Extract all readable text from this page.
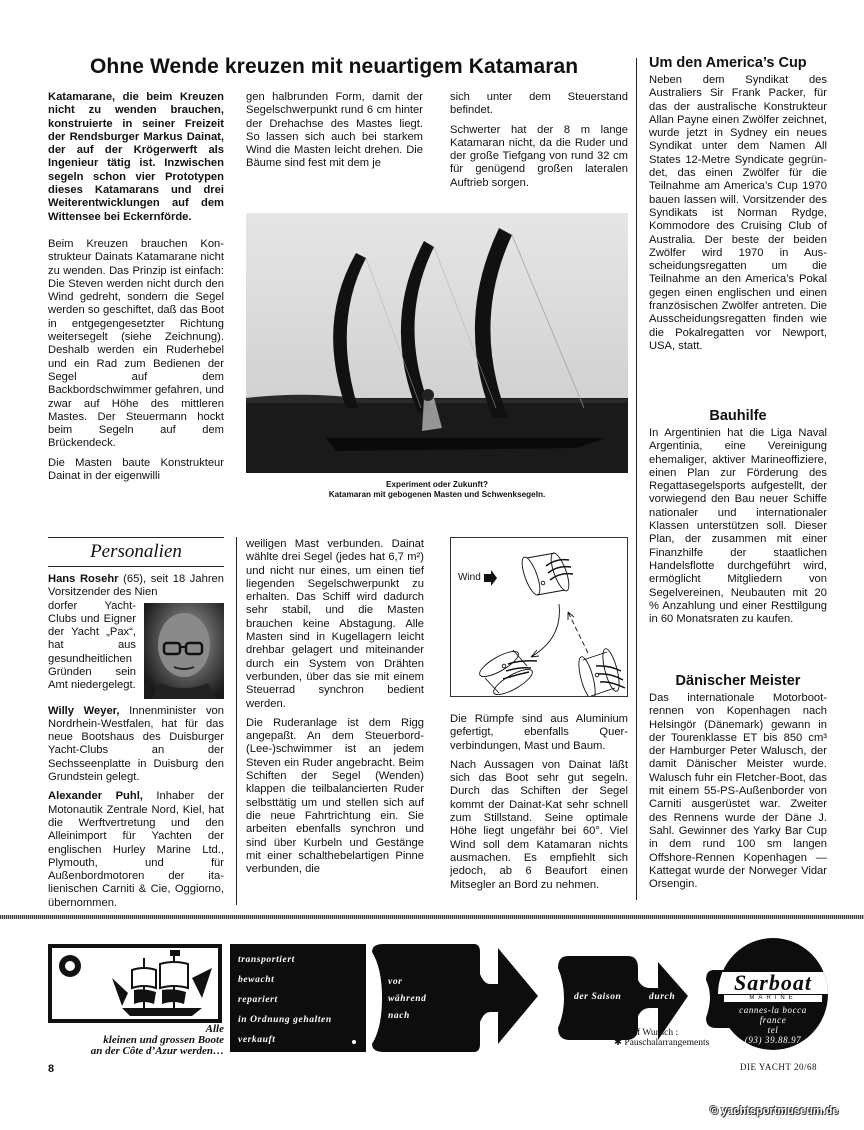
Ohne Wende kreuzen mit neuartigem Katamaran

Katamarane, die beim Kreuzen nicht zu wenden brauchen, konstruierte in seiner Freizeit der Rendsburger Markus Dainat, der auf der Krögerwerft als Ingenieur tätig ist. Inzwischen segeln schon vier Prototypen dieses Katamarans und drei Weiterentwicklungen auf dem Wittensee bei Eckernförde.

Beim Kreuzen brauchen Konstrukteur Dainats Katamarane nicht zu wenden. Das Prinzip ist einfach: Die Steven werden nicht durch den Wind gedreht, sondern die Segel werden so geschiftet, daß das Boot in entgegengesetzter Richtung weitersegelt (siehe Zeichnung). Deshalb werden ein Ruderhebel und ein Rad zum Bedienen der Segel auf dem Backbordschwimmer gefahren, und zwar auf Höhe des mittleren Mastes. Der Steuermann hockt beim Segeln auf dem Brückendeck.

Die Masten baute Konstrukteur Dainat in der eigenwilli

gen halbrunden Form, damit der Segelschwerpunkt rund 6 cm hinter der Drehachse des Mastes liegt. So lassen sich auch bei starkem Wind die Masten leicht drehen. Die Bäume sind fest mit dem je

sich unter dem Steuerstand befindet.

Schwerter hat der 8 m lange Katamaran nicht, da die Ruder und der große Tiefgang von rund 32 cm für genügend großen lateralen Auftrieb sorgen.

Experiment oder Zukunft?
Katamaran mit gebogenen Masten und Schwenksegeln.
Personalien

Hans Rosehr (65), seit 18 Jahren Vorsitzender des Nien

dorfer Yacht-Clubs und Eigner der Yacht „Pax“, hat aus gesundheitlichen Gründen sein Amt niedergelegt.

Willy Weyer, Innenminister von Nordrhein-Westfalen, hat für das neue Bootshaus des Duisburger Yacht-Clubs an der Sechsseenplatte in Duisburg den Grundstein gelegt.

Alexander Puhl, Inhaber der Motonautik Zentrale Nord, Kiel, hat die Werftvertretung und den Alleinimport für Yachten der englischen Hurley Marine Ltd., Plymouth, und für Außenbordmotoren der italienischen Carniti & Cie, Oggiorno, übernommen.

weiligen Mast verbunden. Dainat wählte drei Segel (jedes hat 6,7 m²) und nicht nur eines, um einen tief liegenden Segelschwerpunkt zu erhalten. Das Schiff wird dadurch sehr stabil, und die Masten brauchen keine Abstagung. Alle Masten sind in Kugellagern leicht drehbar gelagert und miteinander durch ein System von Drähten verbunden, über das sie mit einem Steuerrad synchron bedient werden.

Die Ruderanlage ist dem Rigg angepaßt. An dem Steuerbord-(Lee-)schwimmer ist an jedem Steven ein Ruder angebracht. Beim Schiften der Segel (Wenden) klappen die teilbalancierten Ruder selbsttätig um und stellen sich auf die neue Fahrtrichtung ein. Sie arbeiten ebenfalls synchron und sind über Kurbeln und Gestänge mit einer schalthebelartigen Pinne verbunden, die

Wind

Die Rümpfe sind aus Aluminium gefertigt, ebenfalls Querverbindungen, Mast und Baum.

Nach Aussagen von Dainat läßt sich das Boot sehr gut segeln. Durch das Schiften der Segel kommt der Dainat-Kat sehr schnell zum Stillstand. Seine optimale Höhe liegt ungefähr bei 60°. Viel Wind soll dem Katamaran nichts ausmachen. Es empfiehlt sich jedoch, ab 6 Beaufort einen Mitsegler an Bord zu nehmen.

Um den America’s Cup
Neben dem Syndikat des Australiers Sir Frank Packer, für das der australische Konstrukteur Allan Payne einen Zwölfer zeichnet, wurde jetzt in Sydney ein neues Syndikat unter dem Namen All States 12-Metre Syndicate gegründet, das einen Zwölfer für die Teilnahme am America’s Cup 1970 bauen lassen will. Vorsitzender des Syndikats ist Norman Rydge, Kommodore des Cruising Club of Australia. Der beste der beiden Zwölfer wird 1970 in Ausscheidungsregatten um die Teilnahme an den America’s Pokal gegen einen englischen und einen französischen Zwölfer antreten. Die Ausscheidungsregatten finden wie die Pokalregatten vor Newport, USA, statt.
Bauhilfe
In Argentinien hat die Liga Naval Argentinia, eine Vereinigung ehemaliger, aktiver Marineoffiziere, einen Plan zur Förderung des Regattasegelsports aufgestellt, der vorwiegend den Bau neuer Schiffe nationaler und internationaler Klassen unterstützen soll. Dieser Plan, der zusammen mit einer Finanzhilfe der staatlichen Handelsflotte durchgeführt wird, ermöglicht Mitgliedern von Segelvereinen, Neubauten mit 20 % Anzahlung und einer Resttilgung in 60 Monatsraten zu kaufen.
Dänischer Meister
Das internationale Motorbootrennen von Kopenhagen nach Helsingör (Dänemark) gewann in der Tourenklasse ET bis 850 cm³ der Hamburger Peter Walusch, der damit Dänischer Meister wurde. Walusch fuhr ein Fletcher-Boot, das mit einem 55-PS-Außenborder von Carniti ausgerüstet war. Zweiter des Rennens wurde der Däne J. Sahl. Gewinner des Yarky Bar Cup in dem rund 100 sm langen Offshore-Rennen Kopenhagen — Kattegat wurde der Norweger Vidar Orsengin.
Alle
kleinen und grossen Boote
an der Côte d’Azur werden…
transportiert
bewacht
repariert
in Ordnung gehalten
verkauft
vor
während
nach
der Saison
auf Wunsch :
✱ Pauschalarrangements
Sarboat
MARINE
cannes-la bocca
france
tel
(93) 39.88.97
durch
8	DIE YACHT 20/68
© yachtsportmuseum.de
